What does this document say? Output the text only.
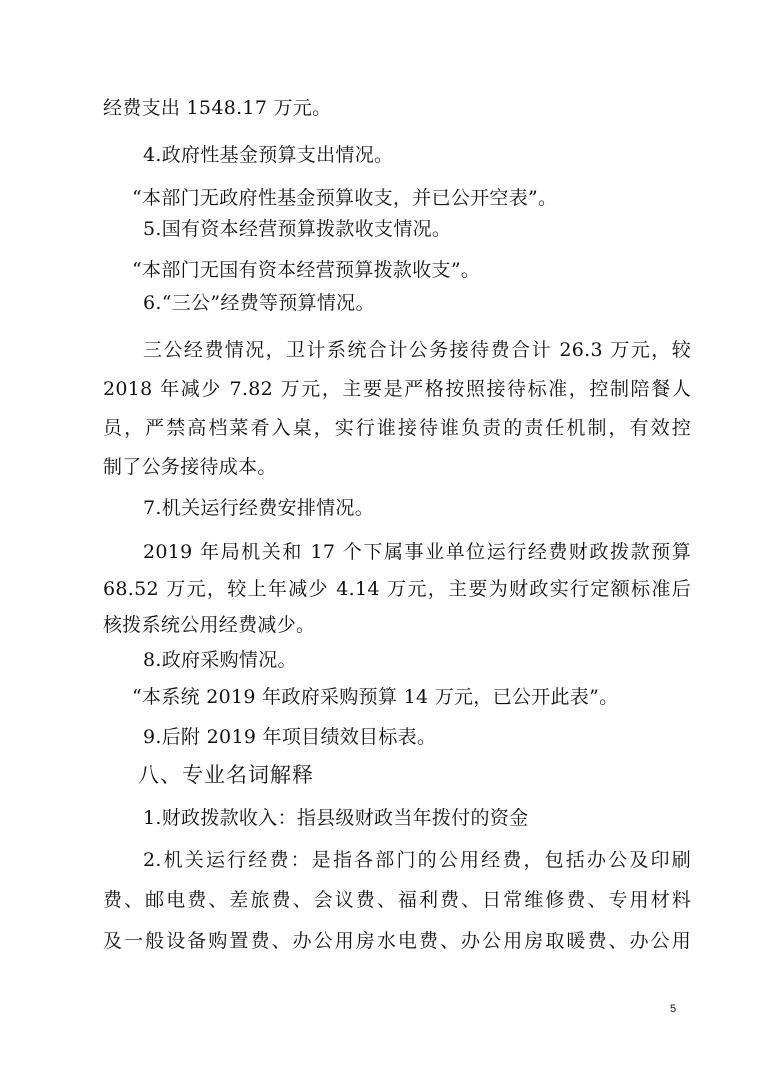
经费支出 1548.17 万元。
4.政府性基金预算支出情况。
“本部门无政府性基金预算收支，并已公开空表”。
5.国有资本经营预算拨款收支情况。
“本部门无国有资本经营预算拨款收支”。
6.“三公”经费等预算情况。
三公经费情况，卫计系统合计公务接待费合计 26.3 万元，较
2018 年减少 7.82 万元，主要是严格按照接待标准，控制陪餐人
员，严禁高档菜肴入桌，实行谁接待谁负责的责任机制，有效控
制了公务接待成本。
7.机关运行经费安排情况。
2019 年局机关和 17 个下属事业单位运行经费财政拨款预算
68.52 万元，较上年减少 4.14 万元，主要为财政实行定额标准后
核拨系统公用经费减少。
8.政府采购情况。
“本系统 2019 年政府采购预算 14 万元，已公开此表”。
9.后附 2019 年项目绩效目标表。
八、专业名词解释
1.财政拨款收入：指县级财政当年拨付的资金
2.机关运行经费：是指各部门的公用经费，包括办公及印刷
费、邮电费、差旅费、会议费、福利费、日常维修费、专用材料
及一般设备购置费、办公用房水电费、办公用房取暖费、办公用
5
